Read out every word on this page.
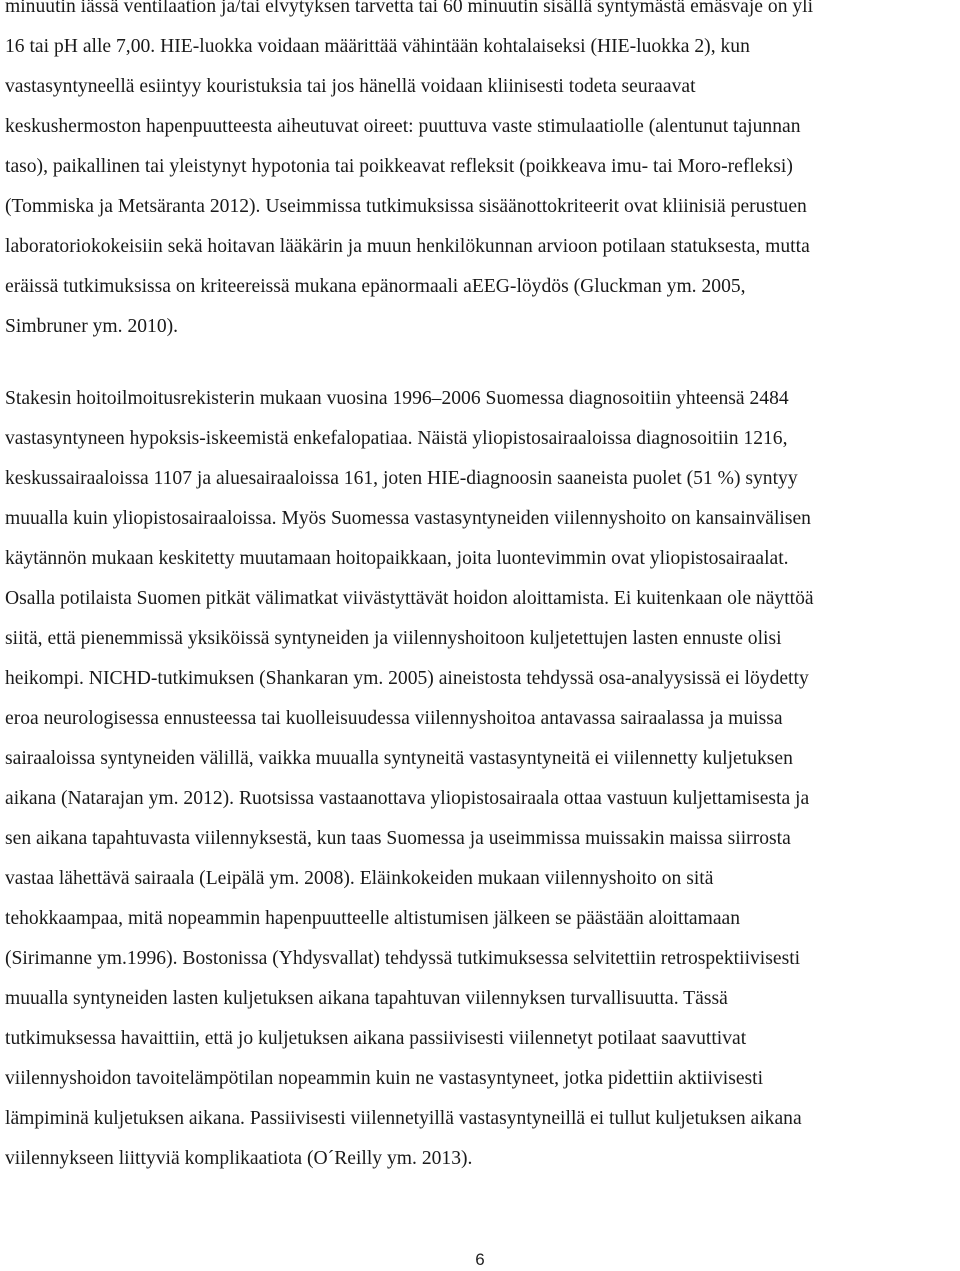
minuutin iässä ventilaation ja/tai elvytyksen tarvetta tai 60 minuutin sisällä syntymästä emäsvaje on yli
16 tai pH alle 7,00. HIE-luokka voidaan määrittää vähintään kohtalaiseksi (HIE-luokka 2), kun
vastasyntyneellä esiintyy kouristuksia tai jos hänellä voidaan kliinisesti todeta seuraavat
keskushermoston hapenpuutteesta aiheutuvat oireet: puuttuva vaste stimulaatiolle (alentunut tajunnan
taso), paikallinen tai yleistynyt hypotonia tai poikkeavat refleksit (poikkeava imu- tai Moro-refleksi)
(Tommiska ja Metsäranta 2012). Useimmissa tutkimuksissa sisäänottokriteerit ovat kliinisiä perustuen
laboratoriokokeisiin sekä hoitavan lääkärin ja muun henkilökunnan arvioon potilaan statuksesta, mutta
eräissä tutkimuksissa on kriteereissä mukana epänormaali aEEG-löydös (Gluckman ym. 2005,
Simbruner ym. 2010).

Stakesin hoitoilmoitusrekisterin mukaan vuosina 1996–2006 Suomessa diagnosoitiin yhteensä 2484
vastasyntyneen hypoksis-iskeemistä enkefalopatiaa. Näistä yliopistosairaaloissa diagnosoitiin 1216,
keskussairaaloissa 1107 ja aluesairaaloissa 161, joten HIE-diagnoosin saaneista puolet (51 %) syntyy
muualla kuin yliopistosairaaloissa. Myös Suomessa vastasyntyneiden viilennyshoito on kansainvälisen
käytännön mukaan keskitetty muutamaan hoitopaikkaan, joita luontevimmin ovat yliopistosairaalat.
Osalla potilaista Suomen pitkät välimatkat viivästyttävät hoidon aloittamista. Ei kuitenkaan ole näyttöä
siitä, että pienemmissä yksiköissä syntyneiden ja viilennyshoitoon kuljetettujen lasten ennuste olisi
heikompi. NICHD-tutkimuksen (Shankaran ym. 2005) aineistosta tehdyssä osa-analyysissä ei löydetty
eroa neurologisessa ennusteessa tai kuolleisuudessa viilennyshoitoa antavassa sairaalassa ja muissa
sairaaloissa syntyneiden välillä, vaikka muualla syntyneitä vastasyntyneitä ei viilennetty kuljetuksen
aikana (Natarajan ym. 2012). Ruotsissa vastaanottava yliopistosairaala ottaa vastuun kuljettamisesta ja
sen aikana tapahtuvasta viilennyksestä, kun taas Suomessa ja useimmissa muissakin maissa siirrosta
vastaa lähettävä sairaala (Leipälä ym. 2008). Eläinkokeiden mukaan viilennyshoito on sitä
tehokkaampaa, mitä nopeammin hapenpuutteelle altistumisen jälkeen se päästään aloittamaan
(Sirimanne ym.1996). Bostonissa (Yhdysvallat) tehdyssä tutkimuksessa selvitettiin retrospektiivisesti
muualla syntyneiden lasten kuljetuksen aikana tapahtuvan viilennyksen turvallisuutta. Tässä
tutkimuksessa havaittiin, että jo kuljetuksen aikana passiivisesti viilennetyt potilaat saavuttivat
viilennyshoidon tavoitelämpötilan nopeammin kuin ne vastasyntyneet, jotka pidettiin aktiivisesti
lämpiminä kuljetuksen aikana. Passiivisesti viilennetyillä vastasyntyneillä ei tullut kuljetuksen aikana
viilennykseen liittyviä komplikaatiota (O´Reilly ym. 2013).

6
